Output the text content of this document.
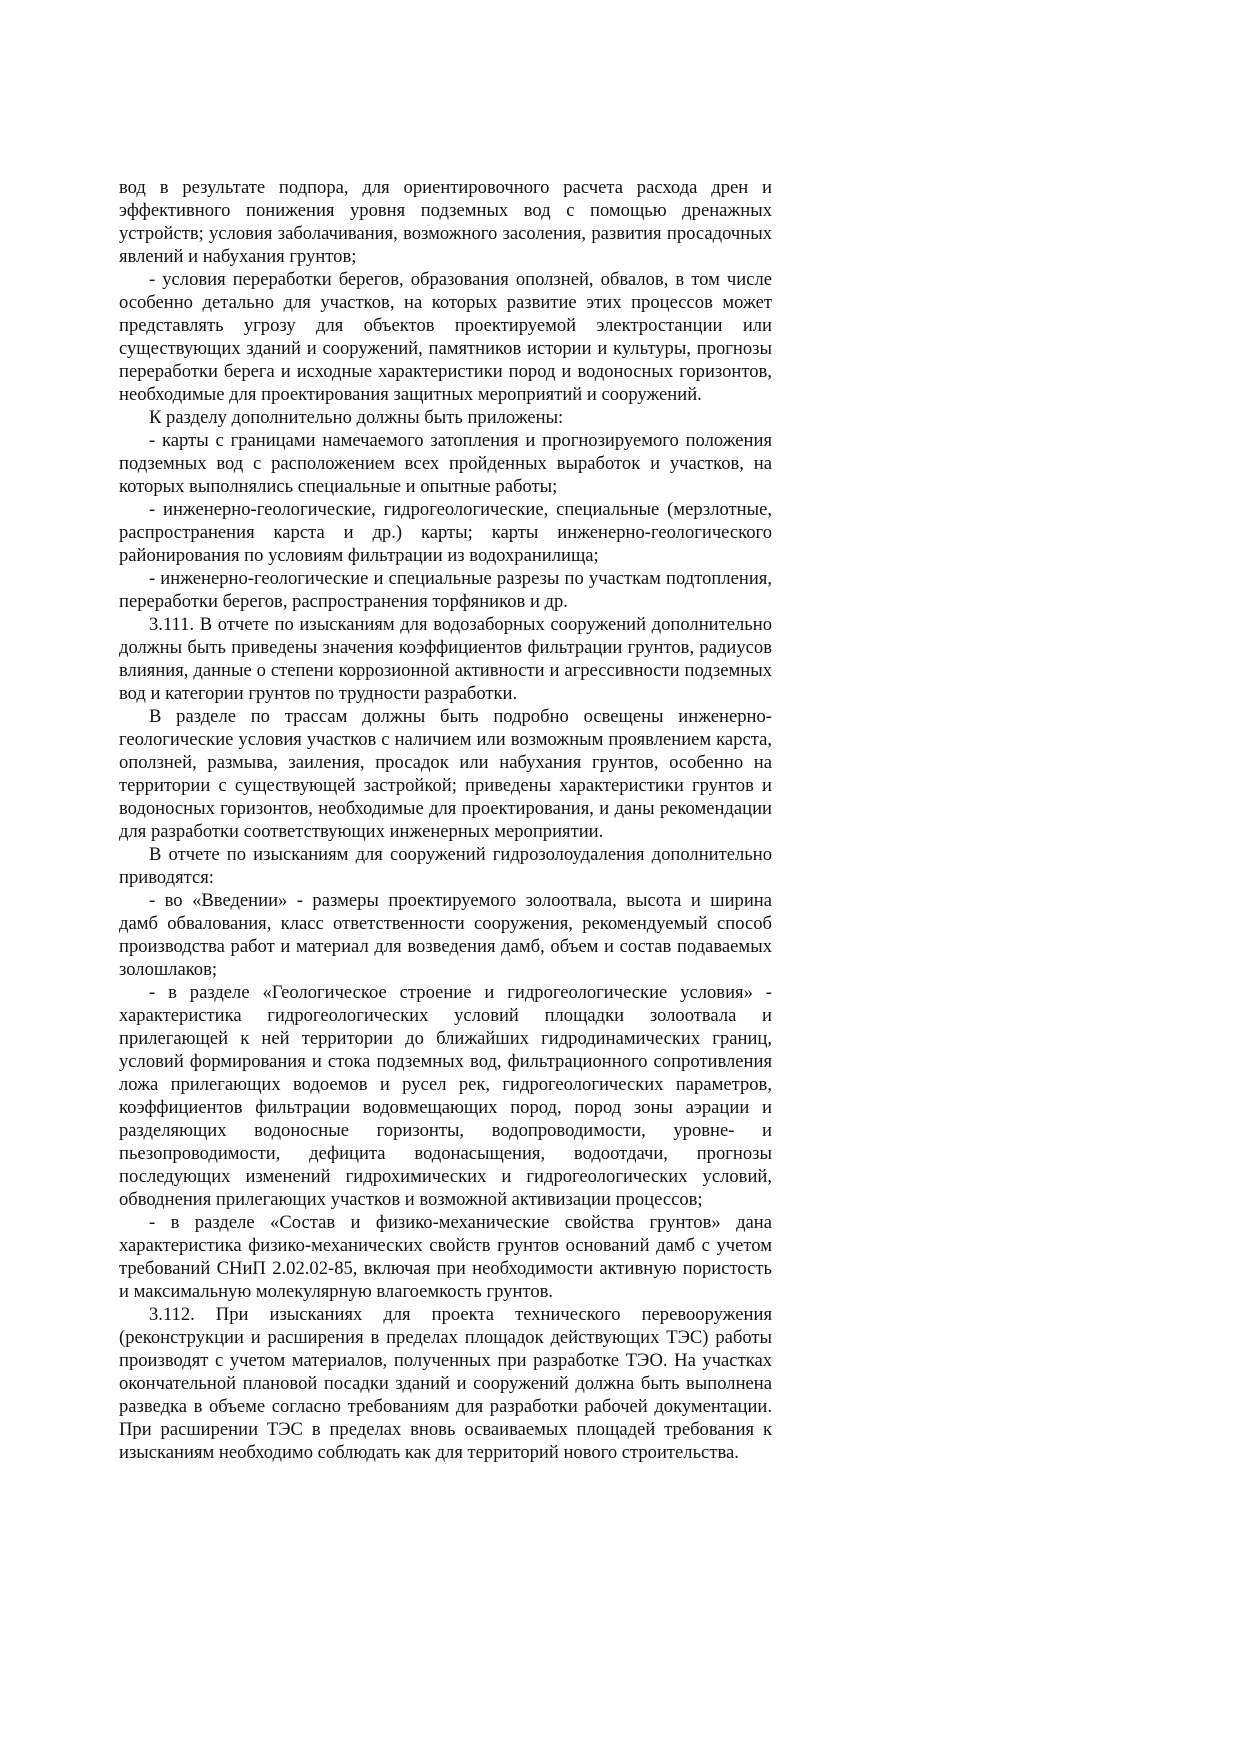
вод в результате подпора, для ориентировочного расчета расхода дрен и эффективного понижения уровня подземных вод с помощью дренажных устройств; условия заболачивания, возможного засоления, развития просадочных явлений и набухания грунтов;

- условия переработки берегов, образования оползней, обвалов, в том числе особенно детально для участков, на которых развитие этих процессов может представлять угрозу для объектов проектируемой электростанции или существующих зданий и сооружений, памятников истории и культуры, прогнозы переработки берега и исходные характеристики пород и водоносных горизонтов, необходимые для проектирования защитных мероприятий и сооружений.

К разделу дополнительно должны быть приложены:

- карты с границами намечаемого затопления и прогнозируемого положения подземных вод с расположением всех пройденных выработок и участков, на которых выполнялись специальные и опытные работы;

- инженерно-геологические, гидрогеологические, специальные (мерзлотные, распространения карста и др.) карты; карты инженерно-геологического районирования по условиям фильтрации из водохранилища;

- инженерно-геологические и специальные разрезы по участкам подтопления, переработки берегов, распространения торфяников и др.

3.111. В отчете по изысканиям для водозаборных сооружений дополнительно должны быть приведены значения коэффициентов фильтрации грунтов, радиусов влияния, данные о степени коррозионной активности и агрессивности подземных вод и категории грунтов по трудности разработки.

В разделе по трассам должны быть подробно освещены инженерно-геологические условия участков с наличием или возможным проявлением карста, оползней, размыва, заиления, просадок или набухания грунтов, особенно на территории с существующей застройкой; приведены характеристики грунтов и водоносных горизонтов, необходимые для проектирования, и даны рекомендации для разработки соответствующих инженерных мероприятии.

В отчете по изысканиям для сооружений гидрозолоудаления дополнительно приводятся:

- во «Введении» - размеры проектируемого золоотвала, высота и ширина дамб обвалования, класс ответственности сооружения, рекомендуемый способ производства работ и материал для возведения дамб, объем и состав подаваемых золошлаков;

- в разделе «Геологическое строение и гидрогеологические условия» - характеристика гидрогеологических условий площадки золоотвала и прилегающей к ней территории до ближайших гидродинамических границ, условий формирования и стока подземных вод, фильтрационного сопротивления ложа прилегающих водоемов и русел рек, гидрогеологических параметров, коэффициентов фильтрации водовмещающих пород, пород зоны аэрации и разделяющих водоносные горизонты, водопроводимости, уровне- и пьезопроводимости, дефицита водонасыщения, водоотдачи, прогнозы последующих изменений гидрохимических и гидрогеологических условий, обводнения прилегающих участков и возможной активизации процессов;

- в разделе «Состав и физико-механические свойства грунтов» дана характеристика физико-механических свойств грунтов оснований дамб с учетом требований СНиП 2.02.02-85, включая при необходимости активную пористость и максимальную молекулярную влагоемкость грунтов.

3.112. При изысканиях для проекта технического перевооружения (реконструкции и расширения в пределах площадок действующих ТЭС) работы производят с учетом материалов, полученных при разработке ТЭО. На участках окончательной плановой посадки зданий и сооружений должна быть выполнена разведка в объеме согласно требованиям для разработки рабочей документации. При расширении ТЭС в пределах вновь осваиваемых площадей требования к изысканиям необходимо соблюдать как для территорий нового строительства.
